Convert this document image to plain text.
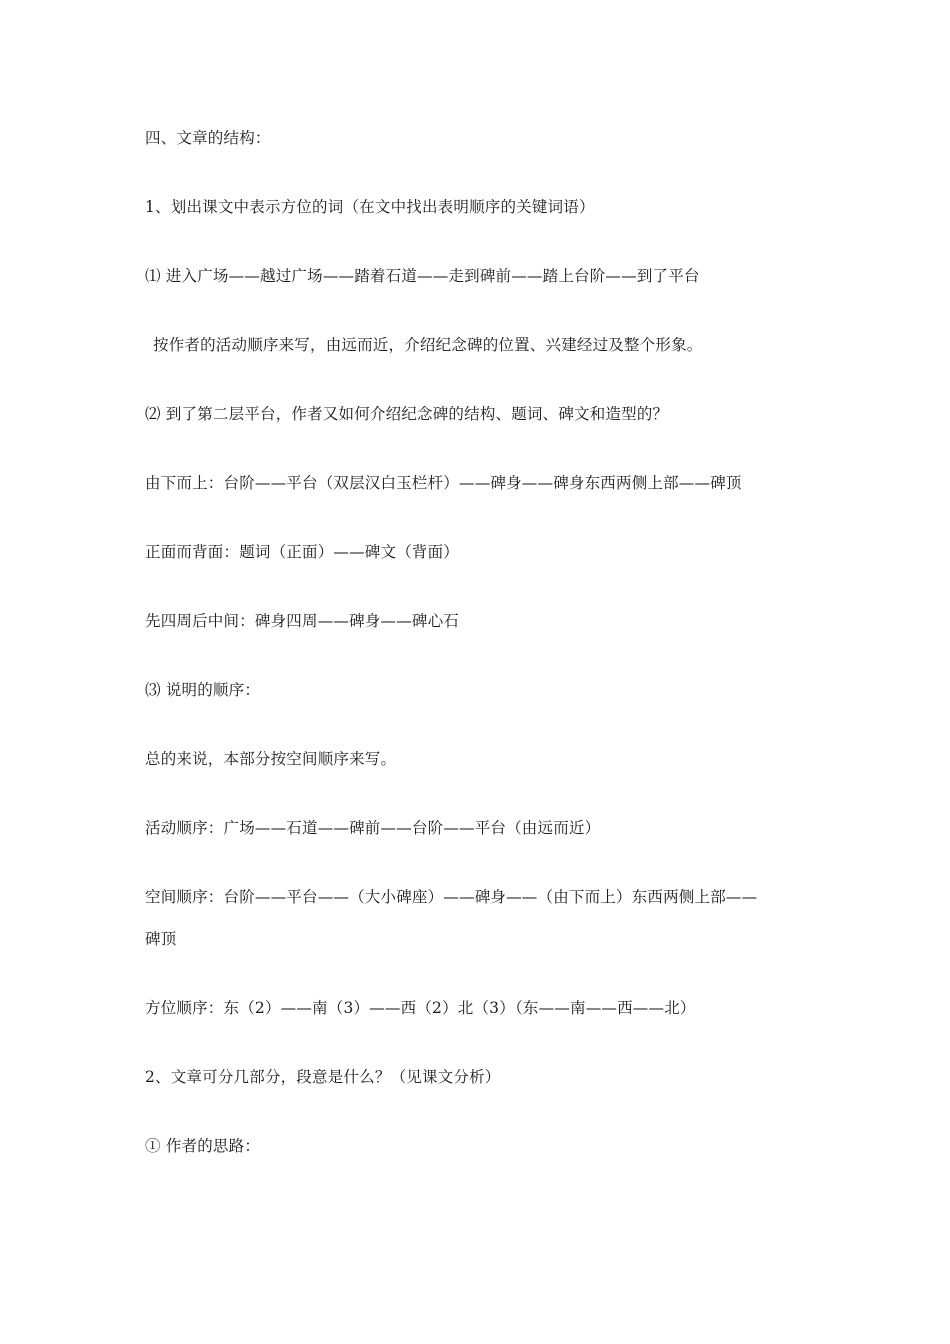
四、文章的结构：
1、划出课文中表示方位的词（在文中找出表明顺序的关键词语）
⑴ 进入广场——越过广场——踏着石道——走到碑前——踏上台阶——到了平台
按作者的活动顺序来写，由远而近，介绍纪念碑的位置、兴建经过及整个形象。
⑵ 到了第二层平台，作者又如何介绍纪念碑的结构、题词、碑文和造型的？
由下而上：台阶——平台（双层汉白玉栏杆）——碑身——碑身东西两侧上部——碑顶
正面而背面：题词（正面）——碑文（背面）
先四周后中间：碑身四周——碑身——碑心石
⑶ 说明的顺序：
总的来说，本部分按空间顺序来写。
活动顺序：广场——石道——碑前——台阶——平台（由远而近）
空间顺序：台阶——平台——（大小碑座）——碑身——（由下而上）东西两侧上部——
碑顶
方位顺序：东（2）——南（3）——西（2）北（3）（东——南——西——北）
2、文章可分几部分，段意是什么？（见课文分析）
① 作者的思路：
